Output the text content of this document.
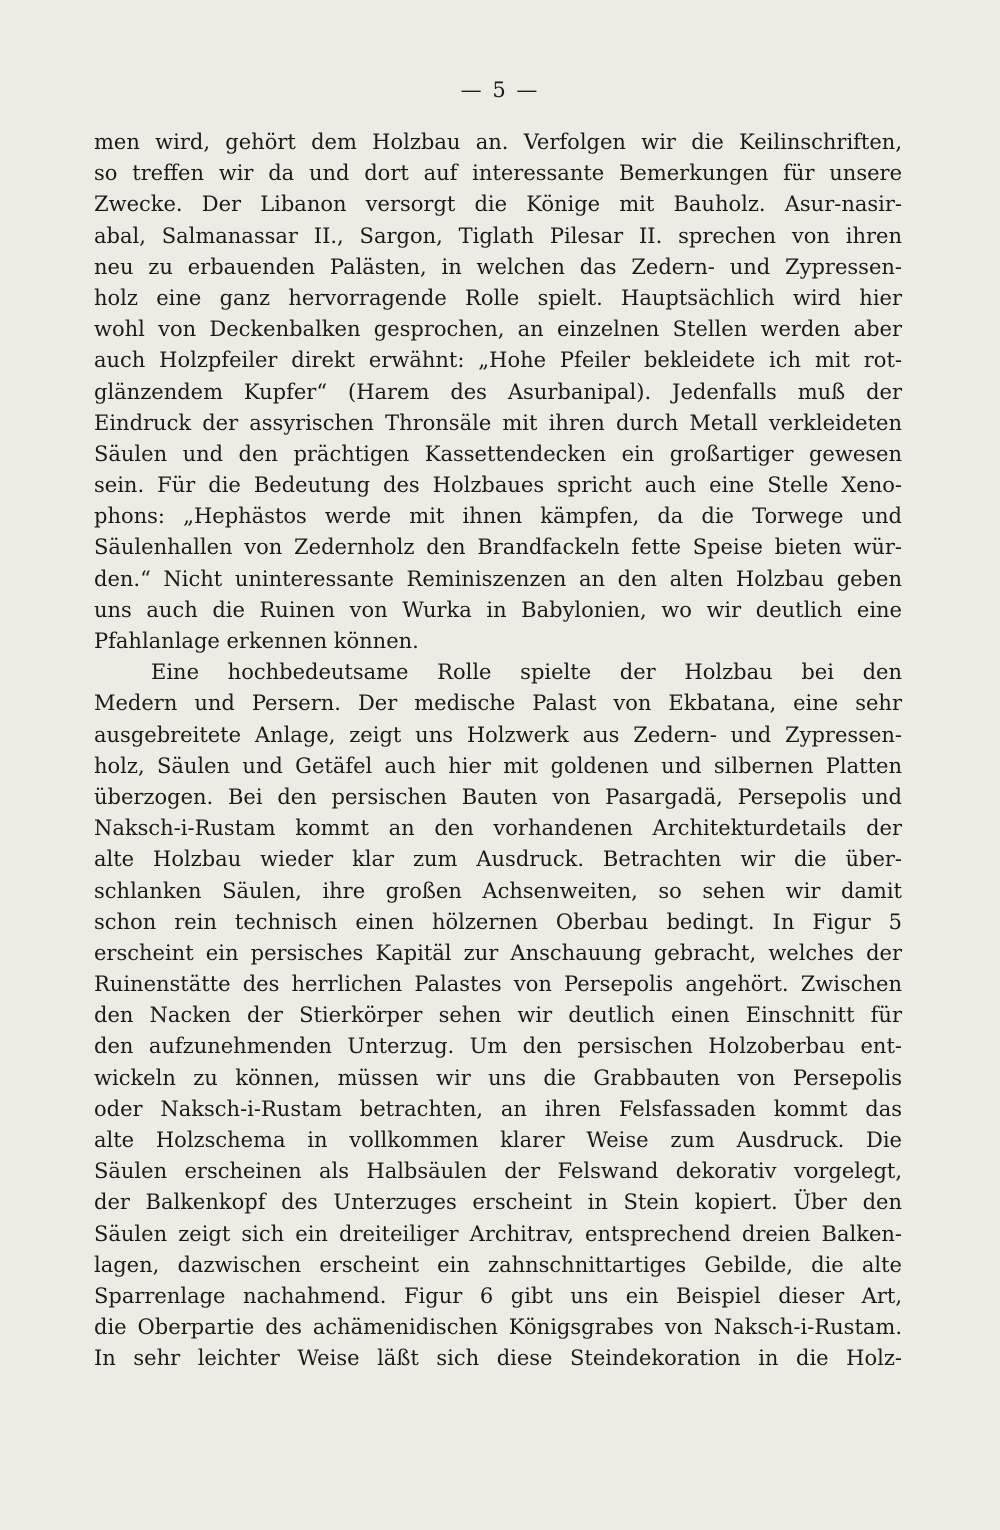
— 5 —
men wird, gehört dem Holzbau an. Verfolgen wir die Keilinschriften,
so treffen wir da und dort auf interessante Bemerkungen für unsere
Zwecke. Der Libanon versorgt die Könige mit Bauholz. Asur‐nasir‐
abal, Salmanassar II., Sargon, Tiglath Pilesar II. sprechen von ihren
neu zu erbauenden Palästen, in welchen das Zedern‐ und Zypressen‐
holz eine ganz hervorragende Rolle spielt. Hauptsächlich wird hier
wohl von Deckenbalken gesprochen, an einzelnen Stellen werden aber
auch Holzpfeiler direkt erwähnt: „Hohe Pfeiler bekleidete ich mit rot‐
glänzendem Kupfer“ (Harem des Asurbanipal). Jedenfalls muß der
Eindruck der assyrischen Thronsäle mit ihren durch Metall verkleideten
Säulen und den prächtigen Kassettendecken ein großartiger gewesen
sein. Für die Bedeutung des Holzbaues spricht auch eine Stelle Xeno‐
phons: „Hephästos werde mit ihnen kämpfen, da die Torwege und
Säulenhallen von Zedernholz den Brandfackeln fette Speise bieten wür‐
den.“ Nicht uninteressante Reminiszenzen an den alten Holzbau geben
uns auch die Ruinen von Wurka in Babylonien, wo wir deutlich eine
Pfahlanlage erkennen können.
Eine hochbedeutsame Rolle spielte der Holzbau bei den
Medern und Persern. Der medische Palast von Ekbatana, eine sehr
ausgebreitete Anlage, zeigt uns Holzwerk aus Zedern‐ und Zypressen‐
holz, Säulen und Getäfel auch hier mit goldenen und silbernen Platten
überzogen. Bei den persischen Bauten von Pasargadä, Persepolis und
Naksch‐i‐Rustam kommt an den vorhandenen Architekturdetails der
alte Holzbau wieder klar zum Ausdruck. Betrachten wir die über‐
schlanken Säulen, ihre großen Achsenweiten, so sehen wir damit
schon rein technisch einen hölzernen Oberbau bedingt. In Figur 5
erscheint ein persisches Kapitäl zur Anschauung gebracht, welches der
Ruinenstätte des herrlichen Palastes von Persepolis angehört. Zwischen
den Nacken der Stierkörper sehen wir deutlich einen Einschnitt für
den aufzunehmenden Unterzug. Um den persischen Holzoberbau ent‐
wickeln zu können, müssen wir uns die Grabbauten von Persepolis
oder Naksch‐i‐Rustam betrachten, an ihren Felsfassaden kommt das
alte Holzschema in vollkommen klarer Weise zum Ausdruck. Die
Säulen erscheinen als Halbsäulen der Felswand dekorativ vorgelegt,
der Balkenkopf des Unterzuges erscheint in Stein kopiert. Über den
Säulen zeigt sich ein dreiteiliger Architrav, entsprechend dreien Balken‐
lagen, dazwischen erscheint ein zahnschnittartiges Gebilde, die alte
Sparrenlage nachahmend. Figur 6 gibt uns ein Beispiel dieser Art,
die Oberpartie des achämenidischen Königsgrabes von Naksch‐i‐Rustam.
In sehr leichter Weise läßt sich diese Steindekoration in die Holz‐
